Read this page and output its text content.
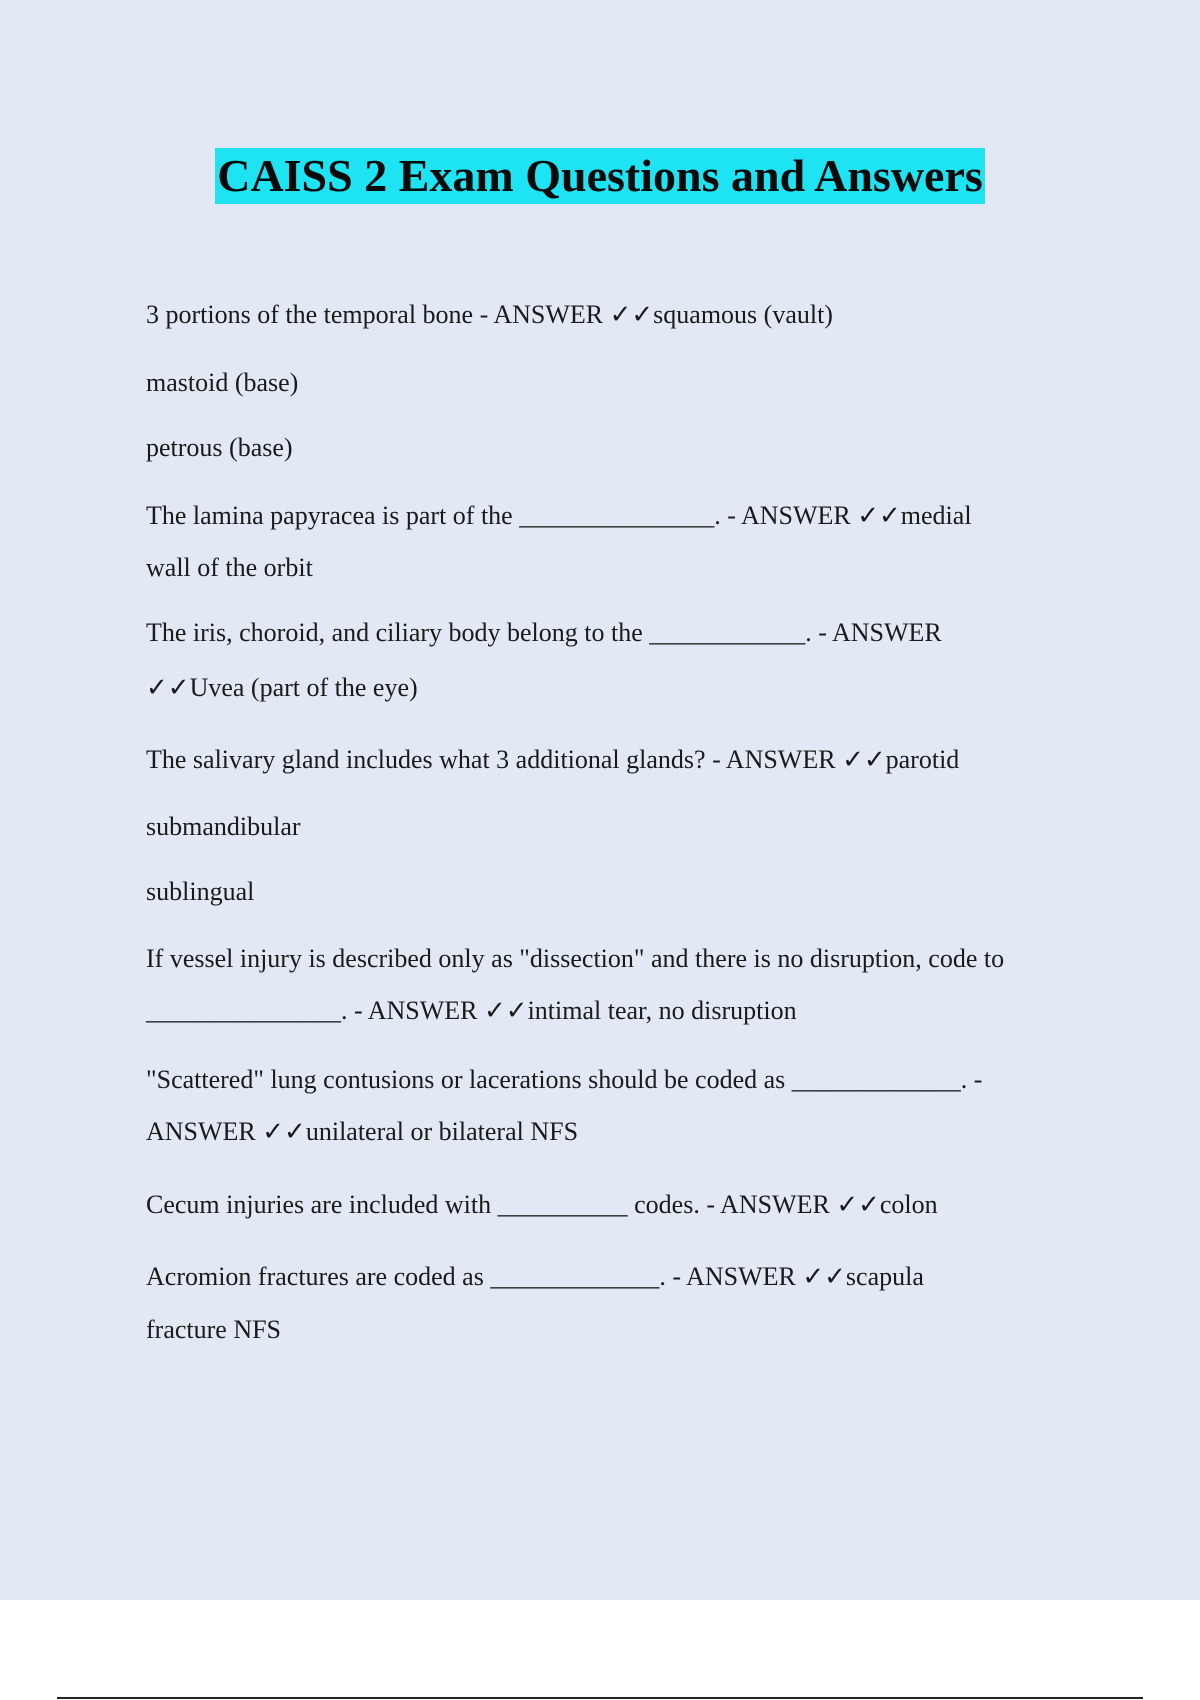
CAISS 2 Exam Questions and Answers
3 portions of the temporal bone - ANSWER ✓✓squamous (vault)
mastoid (base)
petrous (base)
The lamina papyracea is part of the _______________. - ANSWER ✓✓medial
wall of the orbit
The iris, choroid, and ciliary body belong to the ____________. - ANSWER
✓✓Uvea (part of the eye)
The salivary gland includes what 3 additional glands? - ANSWER ✓✓parotid
submandibular
sublingual
If vessel injury is described only as "dissection" and there is no disruption, code to
_______________. - ANSWER ✓✓intimal tear, no disruption
"Scattered" lung contusions or lacerations should be coded as _____________. -
ANSWER ✓✓unilateral or bilateral NFS
Cecum injuries are included with __________ codes. - ANSWER ✓✓colon
Acromion fractures are coded as _____________. - ANSWER ✓✓scapula
fracture NFS
